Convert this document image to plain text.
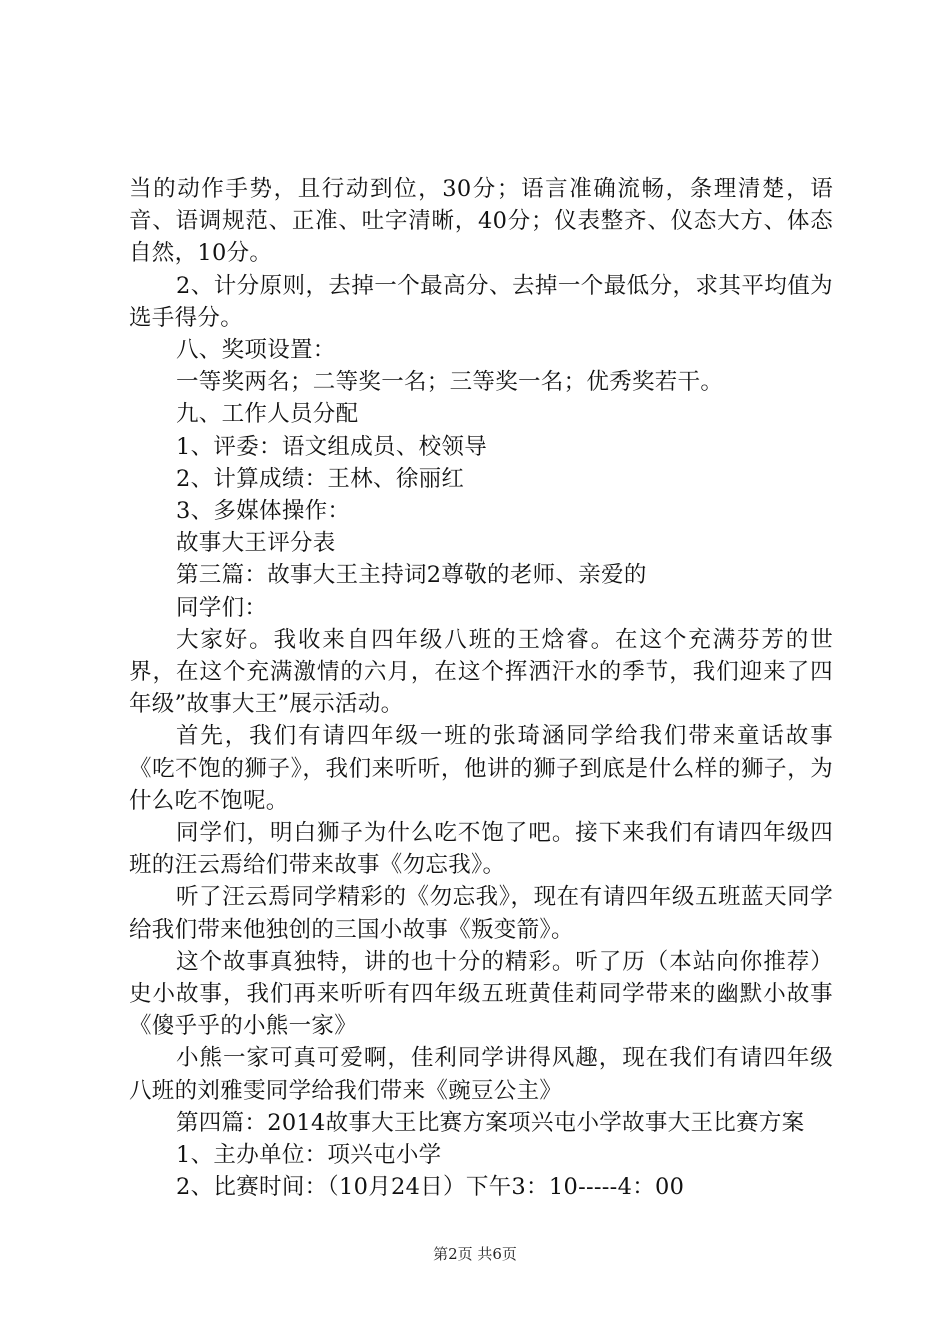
当的动作手势，且行动到位，30分；语言准确流畅，条理清楚，语音、语调规范、正准、吐字清晰，40分；仪表整齐、仪态大方、体态自然，10分。

2、计分原则，去掉一个最高分、去掉一个最低分，求其平均值为选手得分。

八、奖项设置：

一等奖两名；二等奖一名；三等奖一名；优秀奖若干。

九、工作人员分配

1、评委：语文组成员、校领导

2、计算成绩：王林、徐丽红

3、多媒体操作：

故事大王评分表

第三篇：故事大王主持词2尊敬的老师、亲爱的

同学们：

大家好。我收来自四年级八班的王焓睿。在这个充满芬芳的世界，在这个充满激情的六月，在这个挥洒汗水的季节，我们迎来了四年级”故事大王”展示活动。

首先，我们有请四年级一班的张琦涵同学给我们带来童话故事《吃不饱的狮子》，我们来听听，他讲的狮子到底是什么样的狮子，为什么吃不饱呢。

同学们，明白狮子为什么吃不饱了吧。接下来我们有请四年级四班的汪云焉给们带来故事《勿忘我》。

听了汪云焉同学精彩的《勿忘我》，现在有请四年级五班蓝天同学给我们带来他独创的三国小故事《叛变箭》。

这个故事真独特，讲的也十分的精彩。听了历（本站向你推荐）史小故事，我们再来听听有四年级五班黄佳莉同学带来的幽默小故事《傻乎乎的小熊一家》

小熊一家可真可爱啊，佳利同学讲得风趣，现在我们有请四年级八班的刘雅雯同学给我们带来《豌豆公主》

第四篇：2014故事大王比赛方案项兴屯小学故事大王比赛方案

1、主办单位：项兴屯小学

2、比赛时间：（10月24日）下午3：10-----4：00

第2页 共6页
